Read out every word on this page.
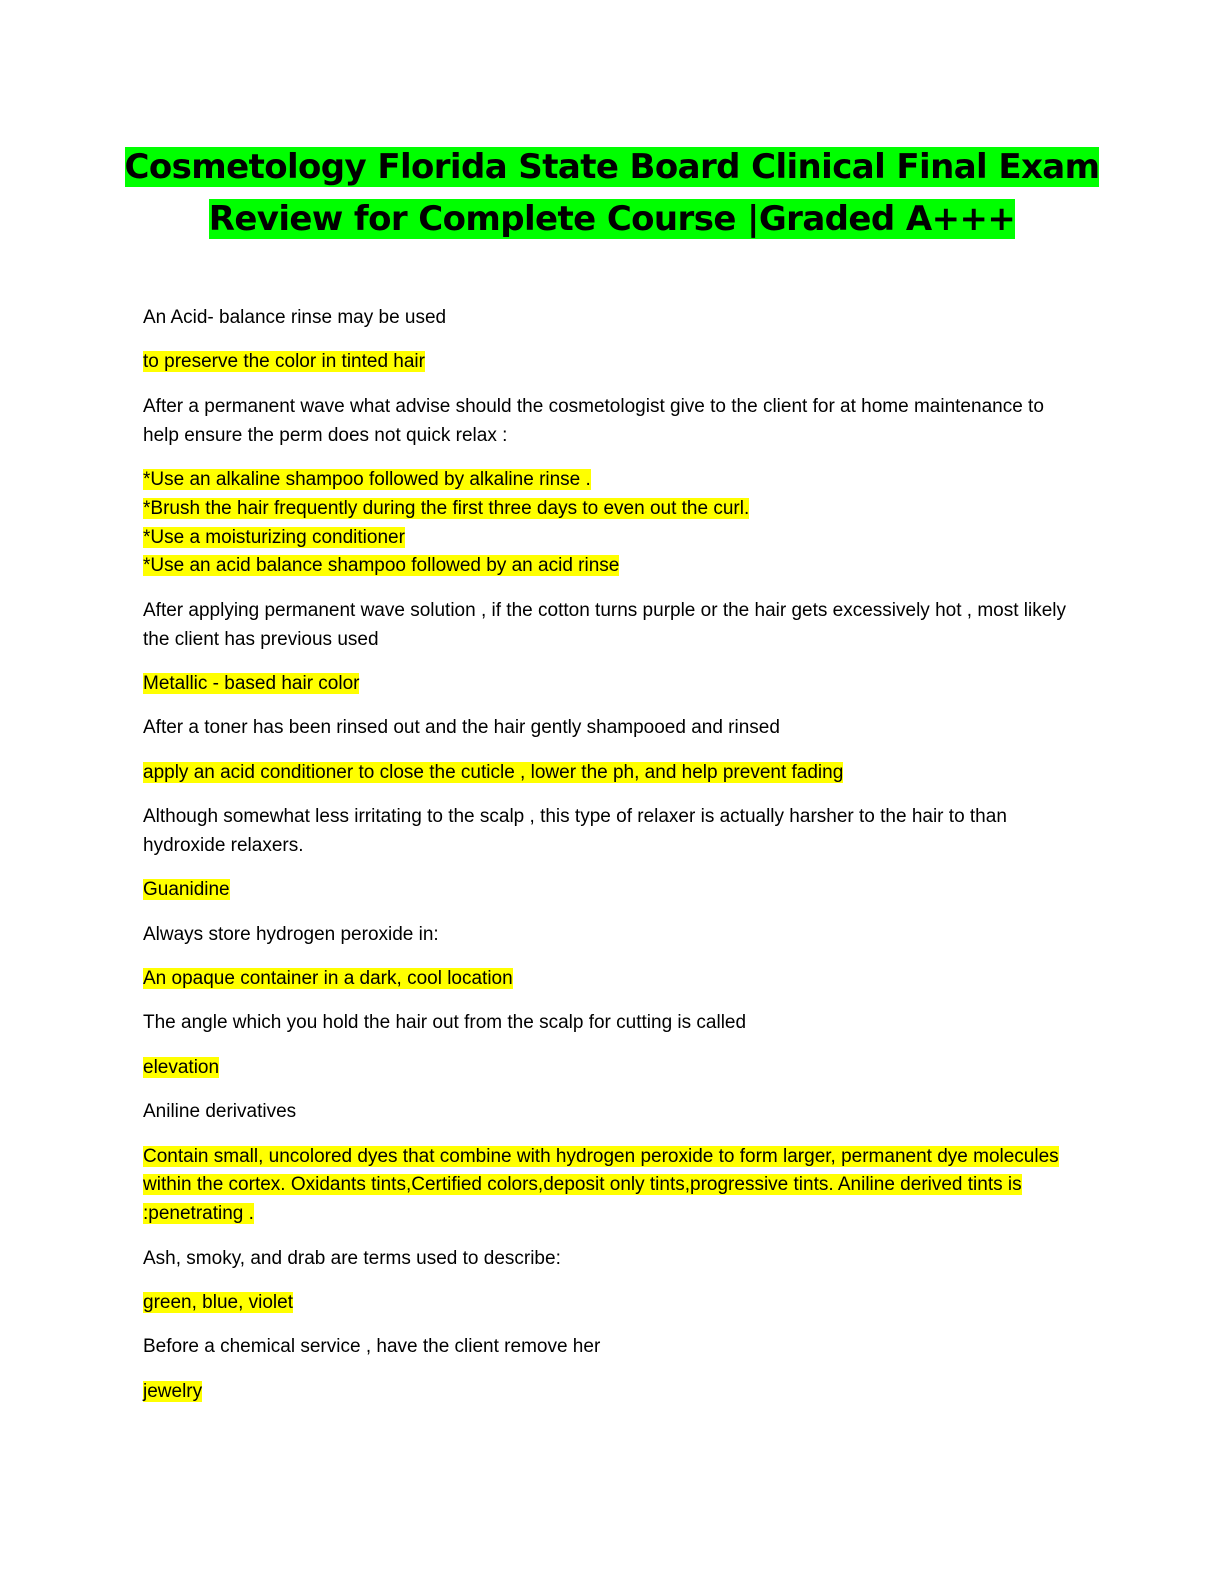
Cosmetology Florida State Board Clinical Final Exam
Review for Complete Course |Graded A+++

An Acid- balance rinse may be used

to preserve the color in tinted hair

After a permanent wave what advise should the cosmetologist give to the client for at home maintenance to help ensure the perm does not quick relax :

*Use an alkaline shampoo followed by alkaline rinse .
*Brush the hair frequently during the first three days to even out the curl.
*Use a moisturizing conditioner
*Use an acid balance shampoo followed by an acid rinse

After applying permanent wave solution , if the cotton turns purple or the hair gets excessively hot , most likely the client has previous used

Metallic - based hair color

After a toner has been rinsed out and the hair gently shampooed and rinsed

apply an acid conditioner to close the cuticle , lower the ph, and help prevent fading

Although somewhat less irritating to the scalp , this type of relaxer is actually harsher to the hair to than hydroxide relaxers.

Guanidine

Always store hydrogen peroxide in:

An opaque container in a dark, cool location

The angle which you hold the hair out from the scalp for cutting is called

elevation

Aniline derivatives

Contain small, uncolored dyes that combine with hydrogen peroxide to form larger, permanent dye molecules within the cortex. Oxidants tints,Certified colors,deposit only tints,progressive tints. Aniline derived tints is :penetrating .

Ash, smoky, and drab are terms used to describe:

green, blue, violet

Before a chemical service , have the client remove her

jewelry
